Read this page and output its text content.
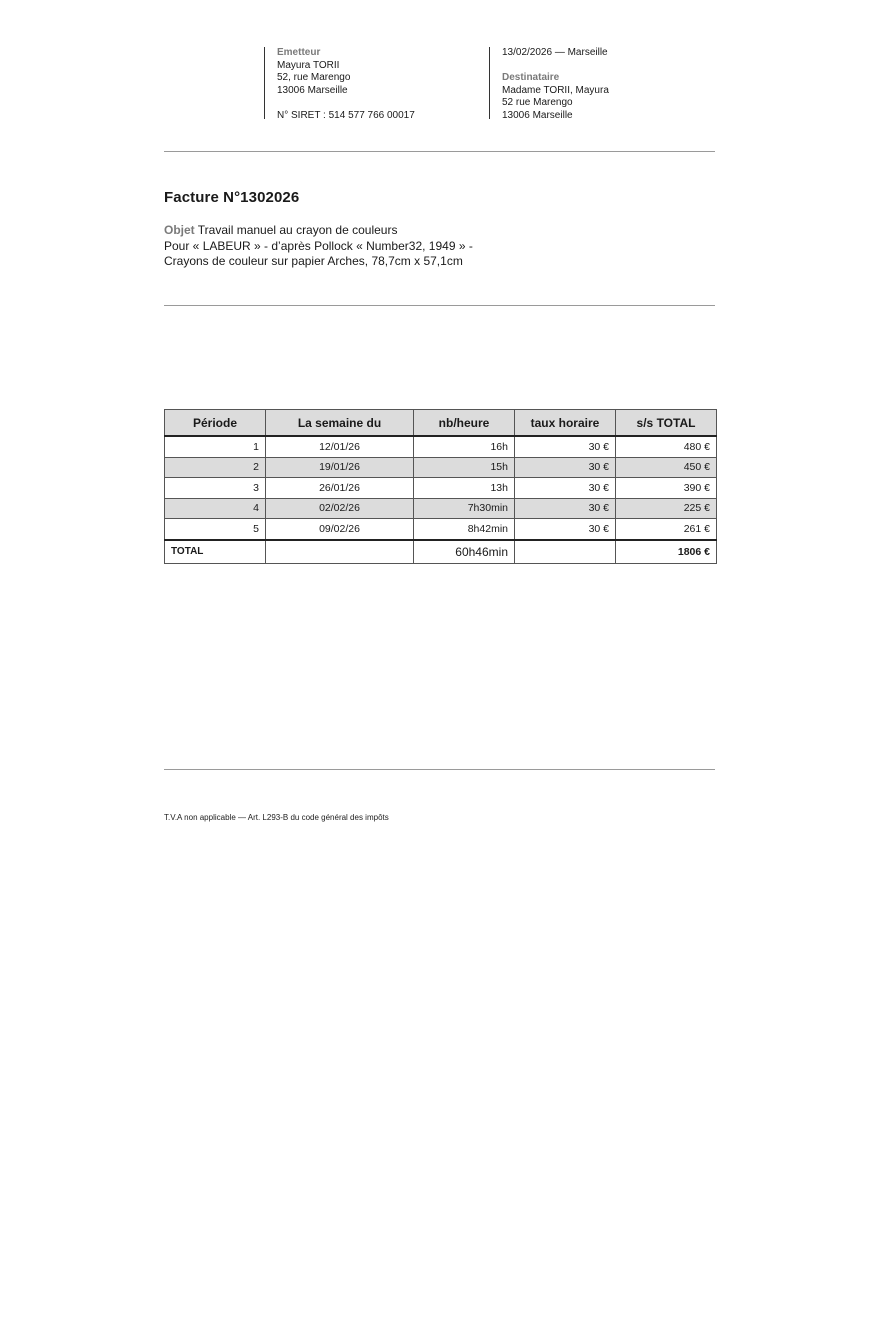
Emetteur
Mayura TORII
52, rue Marengo
13006 Marseille
N° SIRET : 514 577 766 00017
13/02/2026 — Marseille
Destinataire
Madame TORII, Mayura
52 rue Marengo
13006 Marseille
Facture N°1302026
Objet Travail manuel au crayon de couleurs
Pour « LABEUR » - d’après Pollock « Number32, 1949 » -
Crayons de couleur sur papier Arches, 78,7cm x 57,1cm
Période	La semaine du	nb/heure	taux horaire	s/s TOTAL
1	12/01/26	16h	30 €	480 €
2	19/01/26	15h	30 €	450 €
3	26/01/26	13h	30 €	390 €
4	02/02/26	7h30min	30 €	225 €
5	09/02/26	8h42min	30 €	261 €
TOTAL		60h46min		1806 €
T.V.A non applicable — Art. L293-B du code général des impôts
